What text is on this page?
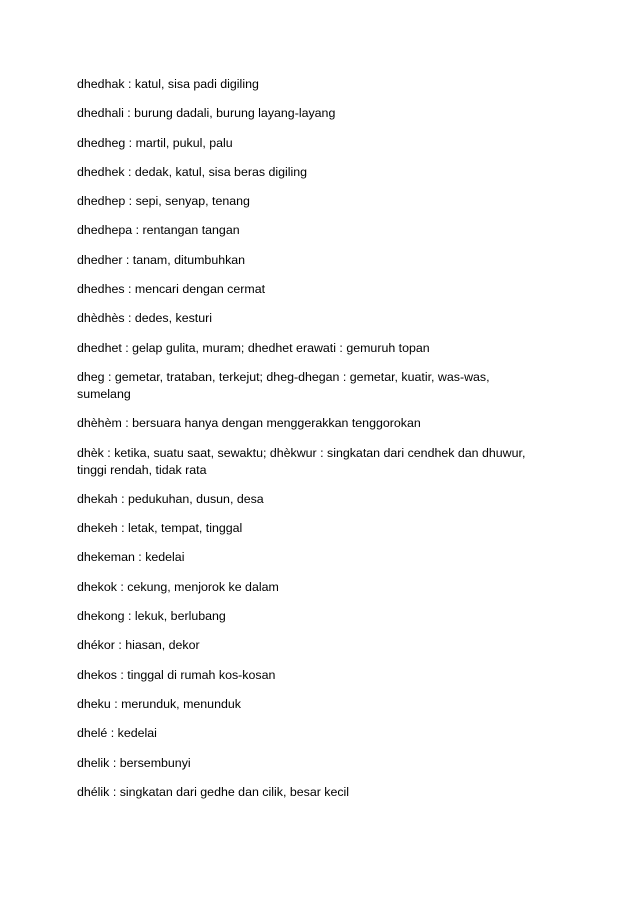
dhedhak : katul, sisa padi digiling

dhedhali : burung dadali, burung layang-layang

dhedheg : martil, pukul, palu

dhedhek : dedak, katul, sisa beras digiling

dhedhep : sepi, senyap, tenang

dhedhepa : rentangan tangan

dhedher : tanam, ditumbuhkan

dhedhes : mencari dengan cermat

dhèdhès : dedes, kesturi

dhedhet : gelap gulita, muram; dhedhet erawati : gemuruh topan

dheg : gemetar, trataban, terkejut; dheg-dhegan : gemetar, kuatir, was-was,
sumelang

dhèhèm : bersuara hanya dengan menggerakkan tenggorokan

dhèk : ketika, suatu saat, sewaktu; dhèkwur : singkatan dari cendhek dan dhuwur,
tinggi rendah, tidak rata

dhekah : pedukuhan, dusun, desa

dhekeh : letak, tempat, tinggal

dhekeman : kedelai

dhekok : cekung, menjorok ke dalam

dhekong : lekuk, berlubang

dhékor : hiasan, dekor

dhekos : tinggal di rumah kos-kosan

dheku : merunduk, menunduk

dhelé : kedelai

dhelik : bersembunyi

dhélik : singkatan dari gedhe dan cilik, besar kecil
